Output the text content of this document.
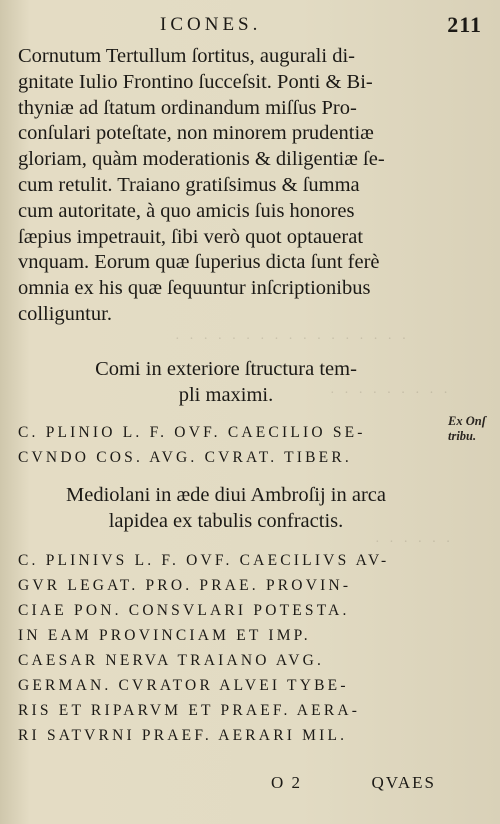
ICONES.	211
Cornutum Tertullum ſortitus, augurali di-
gnitate Iulio Frontino ſucceſsit. Ponti & Bi-
thyniæ ad ſtatum ordinandum miſſus Pro-
conſulari poteſtate, non minorem prudentiæ
gloriam, quàm moderationis & diligentiæ ſe-
cum retulit. Traiano gratiſsimus & ſumma
cum autoritate, à quo amicis ſuis honores
ſæpius impetrauit, ſibi verò quot optauerat
vnquam. Eorum quæ ſuperius dicta ſunt ferè
omnia ex his quæ ſequuntur inſcriptionibus
colliguntur.
· · · · · · · · · · · · · · · · ·
· · · · · · · · ·
· · · · · ·
Comi in exteriore ſtructura tem-
pli maximi.
C. PLINIO L. F. OVF. CAECILIO SE-
CVNDO COS. AVG. CVRAT. TIBER.
Ex Onſ
tribu.
Mediolani in æde diui Ambroſij in arca
lapidea ex tabulis confractis.
C. PLINIVS L. F. OVF. CAECILIVS AV-
GVR LEGAT. PRO. PRAE. PROVIN-
CIAE PON. CONSVLARI POTESTA.
IN EAM PROVINCIAM ET IMP.
CAESAR NERVA TRAIANO AVG.
GERMAN. CVRATOR ALVEI TYBE-
RIS ET RIPARVM ET PRAEF. AERA-
RI SATVRNI PRAEF. AERARI MIL.
O 2	QVAES
